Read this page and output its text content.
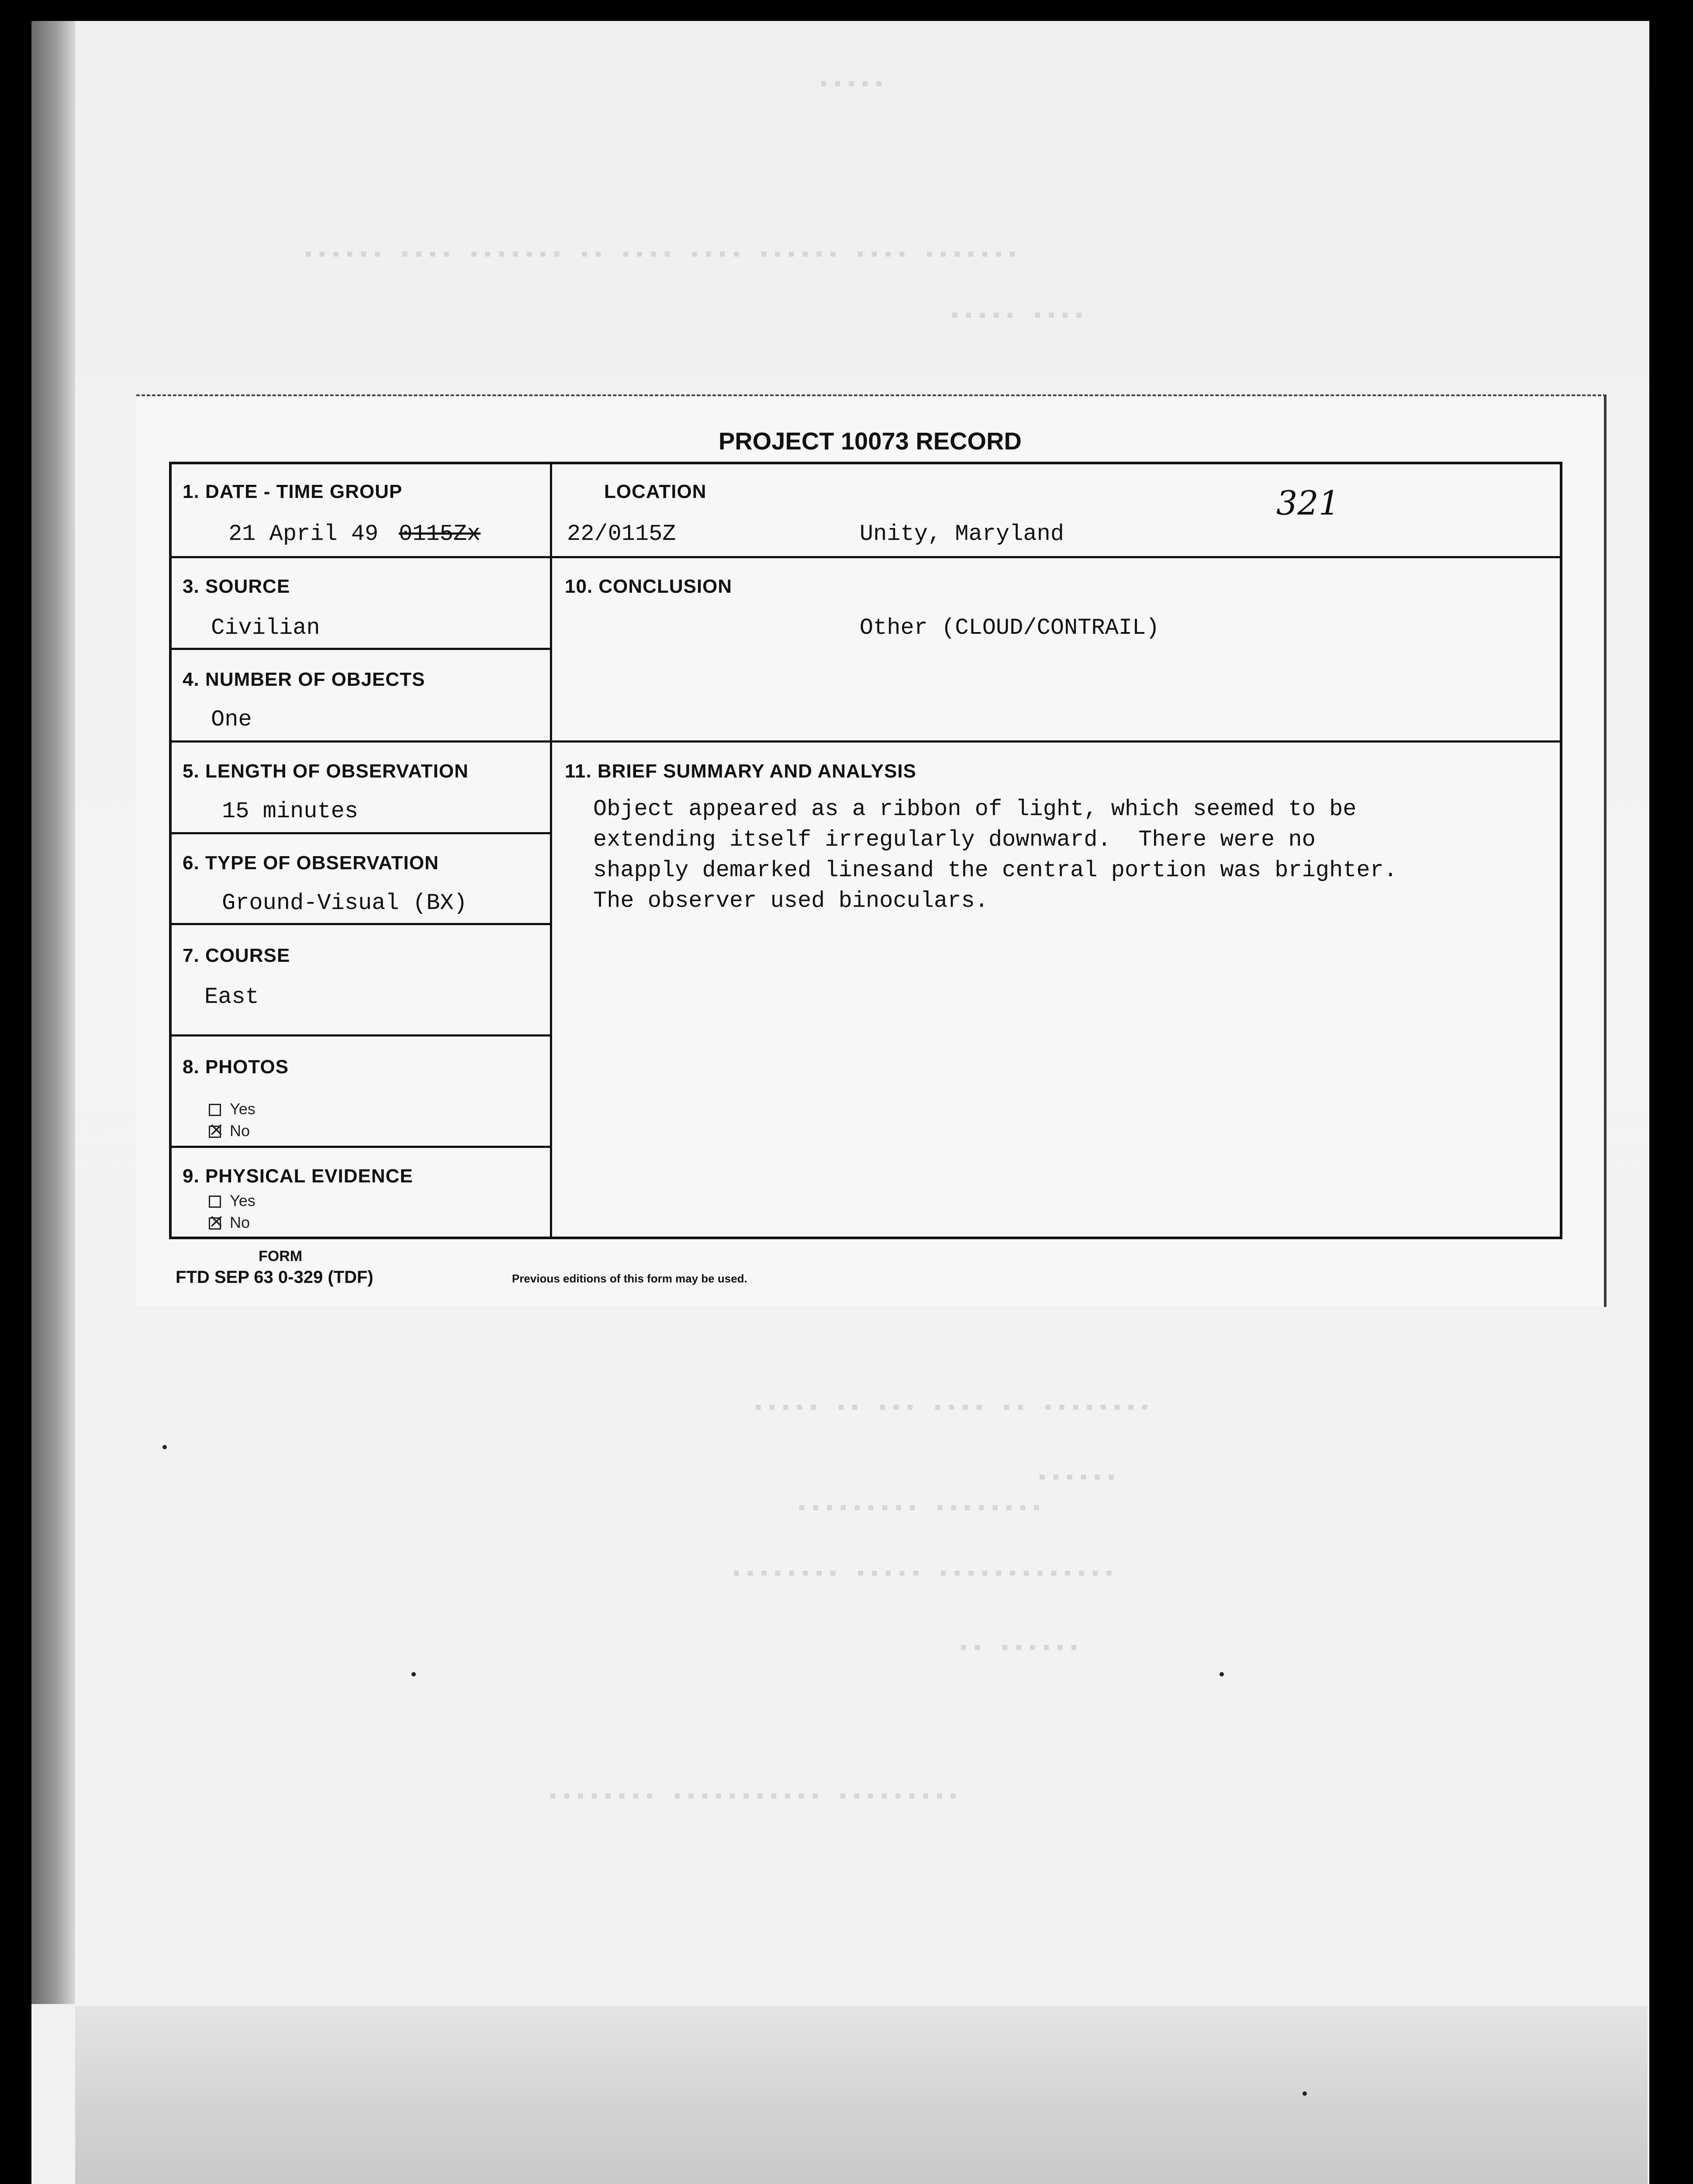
▪▪▪▪▪
▪▪▪▪▪▪ ▪▪▪▪ ▪▪▪▪▪▪▪ ▪▪ ▪▪▪▪ ▪▪▪▪ ▪▪▪▪▪▪ ▪▪▪▪ ▪▪▪▪▪▪▪
▪▪▪▪▪ ▪▪▪▪
▪▪▪▪▪ ▪▪ ▪▪▪ ▪▪▪▪ ▪▪ ▪▪▪▪▪▪▪▪
▪▪▪▪▪▪
▪▪▪▪▪▪▪▪▪ ▪▪▪▪▪▪▪▪
▪▪▪▪▪▪▪▪ ▪▪▪▪▪ ▪▪▪▪▪▪▪▪▪▪▪▪▪
▪▪ ▪▪▪▪▪▪
▪▪▪▪▪▪▪▪ ▪▪▪▪▪▪▪▪▪▪▪ ▪▪▪▪▪▪▪▪▪
PROJECT 10073 RECORD
321
1. DATE - TIME GROUP
21 April 49 0115Zx
LOCATION
22/0115Z	Unity, Maryland
3. SOURCE
Civilian
4. NUMBER OF OBJECTS
One
5. LENGTH OF OBSERVATION
15 minutes
6. TYPE OF OBSERVATION
Ground-Visual (BX)
7. COURSE
East
8. PHOTOS
Yes
×No
9. PHYSICAL EVIDENCE
Yes
×No
10. CONCLUSION
Other (CLOUD/CONTRAIL)
11. BRIEF SUMMARY AND ANALYSIS
Object appeared as a ribbon of light, which seemed to be
extending itself irregularly downward.  There were no
shapply demarked linesand the central portion was brighter.
The observer used binoculars.
FORM
FTD SEP 63 0-329 (TDF)	Previous editions of this form may be used.
